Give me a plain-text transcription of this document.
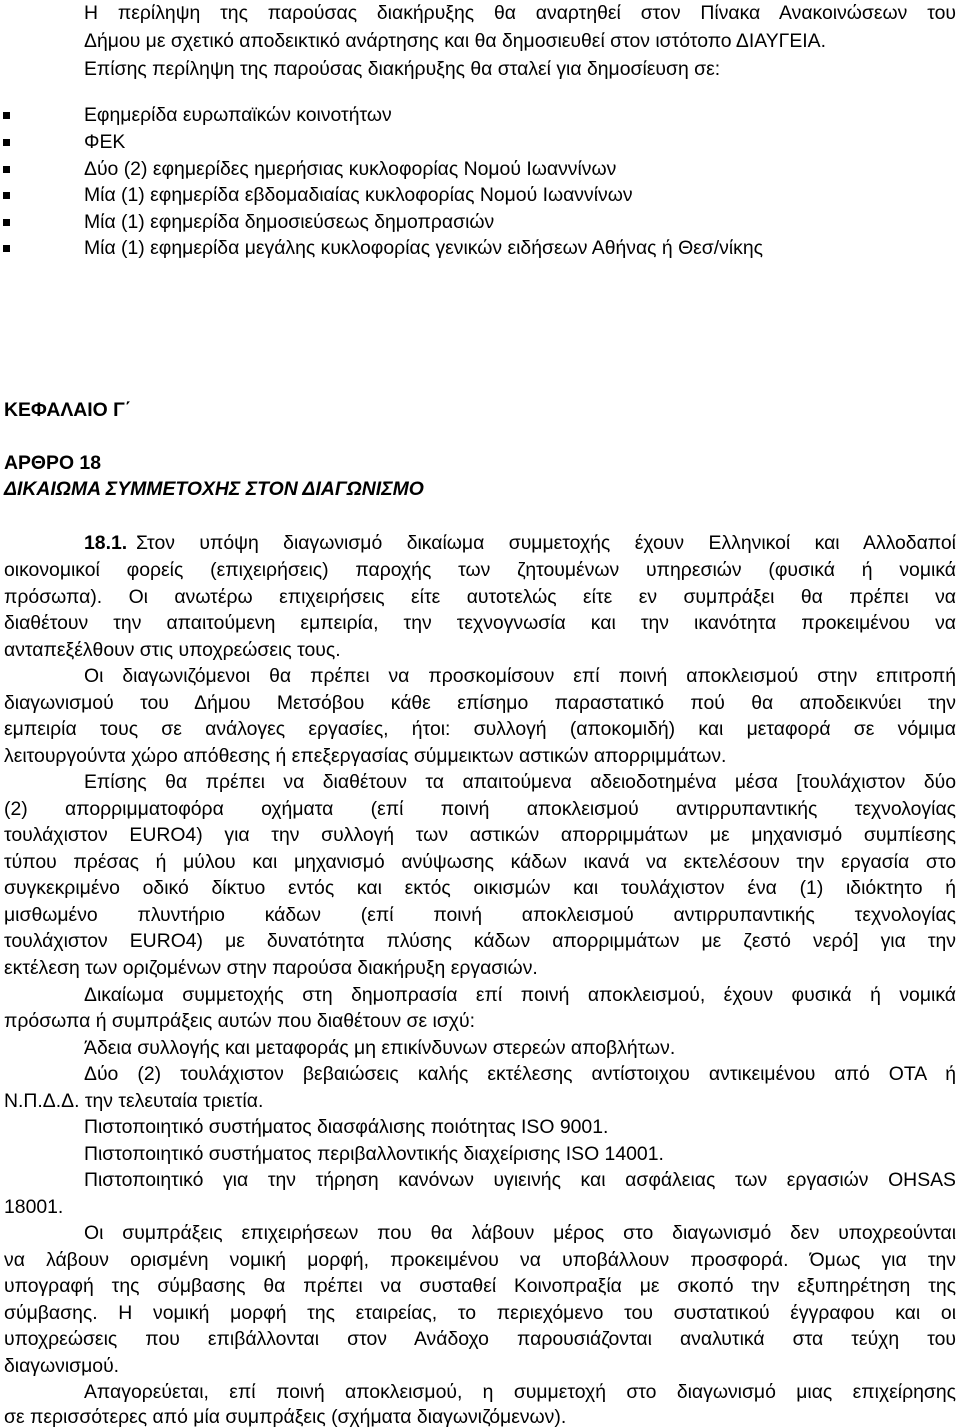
Η περίληψη της παρούσας διακήρυξης θα αναρτηθεί στον Πίνακα Ανακοινώσεων του
Δήμου με σχετικό αποδεικτικό ανάρτησης και θα δημοσιευθεί στον ιστότοπο ΔΙΑΥΓΕΙΑ.
Επίσης περίληψη της παρούσας διακήρυξης θα σταλεί για δημοσίευση σε:
Εφημερίδα ευρωπαϊκών κοινοτήτων
ΦΕΚ
Δύο (2) εφημερίδες ημερήσιας κυκλοφορίας Νομού Ιωαννίνων
Μία (1) εφημερίδα εβδομαδιαίας κυκλοφορίας Νομού Ιωαννίνων
Μία (1) εφημερίδα δημοσιεύσεως δημοπρασιών
Μία (1) εφημερίδα μεγάλης κυκλοφορίας γενικών ειδήσεων Αθήνας ή Θεσ/νίκης
ΚΕΦΑΛΑΙΟ Γ΄
ΑΡΘΡΟ 18
ΔΙΚΑΙΩΜΑ ΣΥΜΜΕΤΟΧΗΣ ΣΤΟΝ ΔΙΑΓΩΝΙΣΜΟ
18.1. Στον υπόψη διαγωνισμό δικαίωμα συμμετοχής έχουν Ελληνικοί και Αλλοδαποί
οικονομικοί φορείς (επιχειρήσεις) παροχής των ζητουμένων υπηρεσιών (φυσικά ή νομικά
πρόσωπα). Οι ανωτέρω επιχειρήσεις είτε αυτοτελώς είτε εν συμπράξει θα πρέπει να
διαθέτουν την απαιτούμενη εμπειρία, την τεχνογνωσία και την ικανότητα προκειμένου να
ανταπεξέλθουν στις υποχρεώσεις τους.
Οι διαγωνιζόμενοι θα πρέπει να προσκομίσουν επί ποινή αποκλεισμού στην επιτροπή
διαγωνισμού του Δήμου Μετσόβου κάθε επίσημο παραστατικό πού θα αποδεικνύει την
εμπειρία τους σε ανάλογες εργασίες, ήτοι: συλλογή (αποκομιδή) και μεταφορά σε νόμιμα
λειτουργούντα χώρο απόθεσης ή επεξεργασίας σύμμεικτων αστικών απορριμμάτων.
Επίσης θα πρέπει να διαθέτουν τα απαιτούμενα αδειοδοτημένα μέσα [τουλάχιστον δύο
(2) απορριμματοφόρα οχήματα (επί ποινή αποκλεισμού αντιρρυπαντικής τεχνολογίας
τουλάχιστον EURO4) για την συλλογή των αστικών απορριμμάτων με μηχανισμό συμπίεσης
τύπου πρέσας ή μύλου και μηχανισμό ανύψωσης κάδων ικανά να εκτελέσουν την εργασία στο
συγκεκριμένο οδικό δίκτυο εντός και εκτός οικισμών και τουλάχιστον ένα (1) ιδιόκτητο ή
μισθωμένο πλυντήριο κάδων (επί ποινή αποκλεισμού αντιρρυπαντικής τεχνολογίας
τουλάχιστον EURO4) με δυνατότητα πλύσης κάδων απορριμμάτων με ζεστό νερό] για την
εκτέλεση των οριζομένων στην παρούσα διακήρυξη εργασιών.
Δικαίωμα συμμετοχής στη δημοπρασία επί ποινή αποκλεισμού, έχουν φυσικά ή νομικά
πρόσωπα ή συμπράξεις αυτών που διαθέτουν σε ισχύ:
Άδεια συλλογής και μεταφοράς μη επικίνδυνων στερεών αποβλήτων.
Δύο (2) τουλάχιστον βεβαιώσεις καλής εκτέλεσης αντίστοιχου αντικειμένου από ΟΤΑ ή
Ν.Π.Δ.Δ. την τελευταία τριετία.
Πιστοποιητικό συστήματος διασφάλισης ποιότητας ISO 9001.
Πιστοποιητικό συστήματος περιβαλλοντικής διαχείρισης ISO 14001.
Πιστοποιητικό για την τήρηση κανόνων υγιεινής και ασφάλειας των εργασιών OHSAS
18001.
Οι συμπράξεις επιχειρήσεων που θα λάβουν μέρος στο διαγωνισμό δεν υποχρεούνται
να λάβουν ορισμένη νομική μορφή, προκειμένου να υποβάλλουν προσφορά. Όμως για την
υπογραφή της σύμβασης θα πρέπει να συσταθεί Κοινοπραξία με σκοπό την εξυπηρέτηση της
σύμβασης. Η νομική μορφή της εταιρείας, το περιεχόμενο του συστατικού έγγραφου και οι
υποχρεώσεις που επιβάλλονται στον Ανάδοχο παρουσιάζονται αναλυτικά στα τεύχη του
διαγωνισμού.
Απαγορεύεται, επί ποινή αποκλεισμού, η συμμετοχή στο διαγωνισμό μιας επιχείρησης
σε περισσότερες από μία συμπράξεις (σχήματα διαγωνιζόμενων).
